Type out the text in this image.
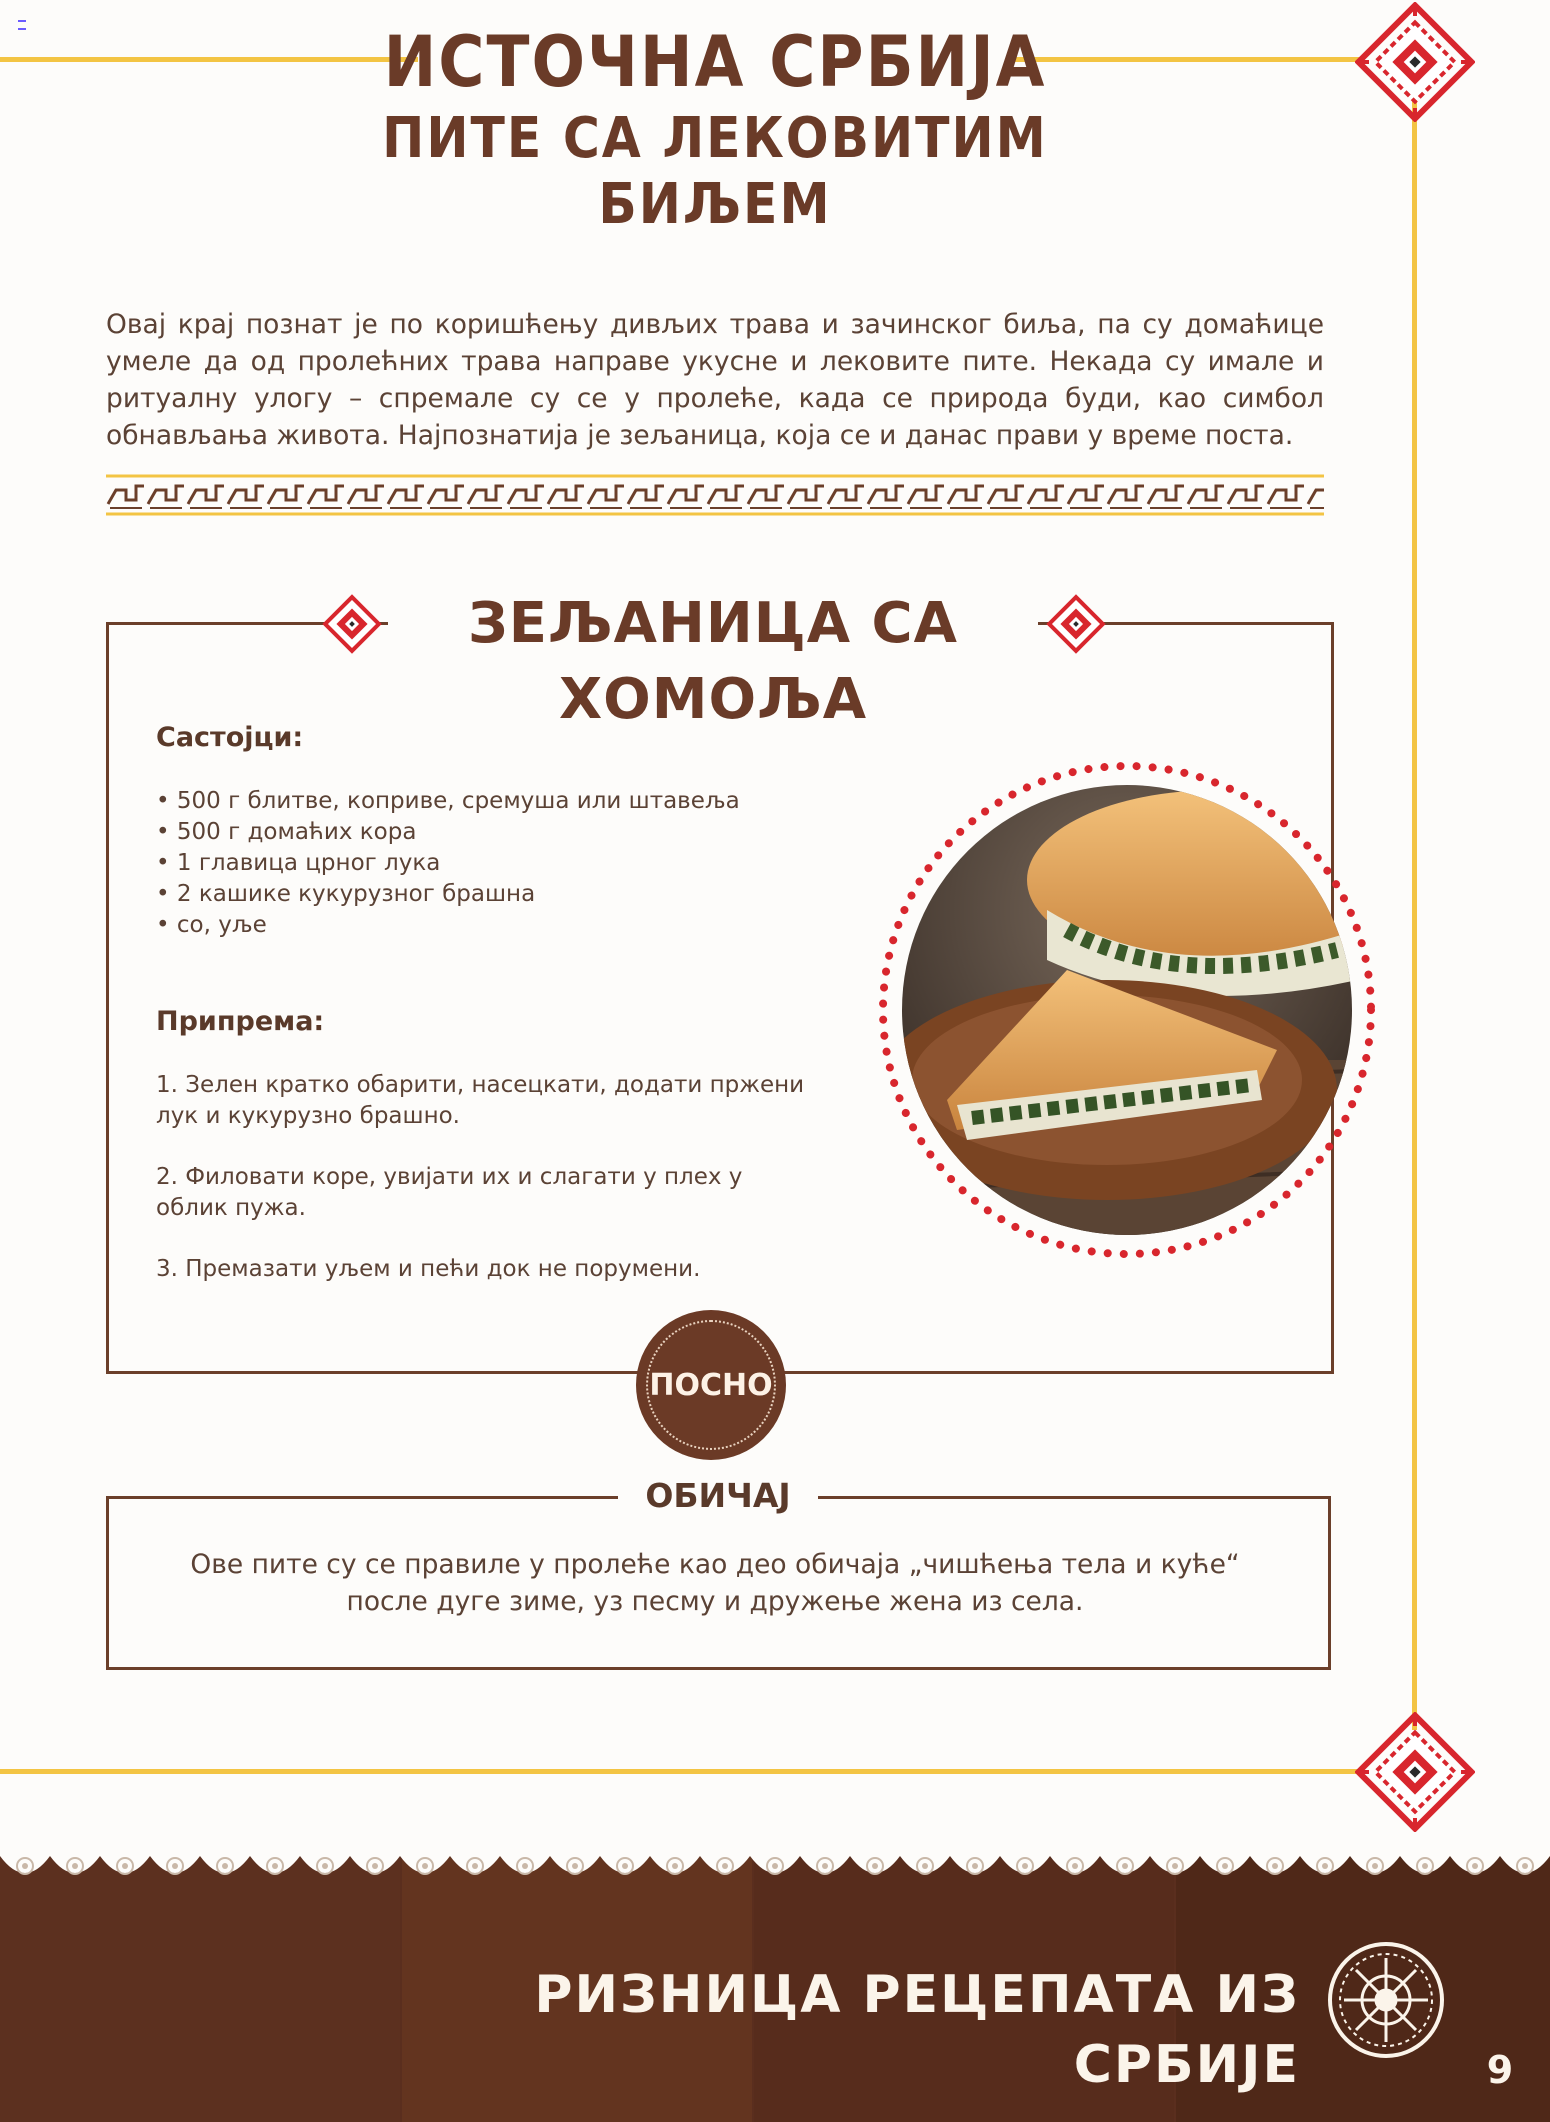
ИСТОЧНА СРБИЈА
ПИТЕ СА ЛЕКОВИТИМ БИЉЕМ
Овај крај познат је по коришћењу дивљих трава и зачинског биља, па су домаћице умеле да од пролећних трава направе укусне и лековите пите. Некада су имале и ритуалну улогу – спремале су се у пролеће, када се природа буди, као симбол обнављања живота. Најпознатија је зељаница, која се и данас прави у време поста.
ЗЕЉАНИЦА СА ХОМОЉА
Састојци:
• 500 г блитве, коприве, сремуша или штавеља
• 500 г домаћих кора
• 1 главица црног лука
• 2 кашике кукурузног брашна
• со, уље
Припрема:
1. Зелен кратко обарити, насецкати, додати пржени лук и кукурузно брашно.
2. Филовати коре, увијати их и слагати у плех у облик пужа.
3. Премазати уљем и пећи док не порумени.
ПОСНО
ОБИЧАЈ
Ове пите су се правиле у пролеће као део обичаја „чишћења тела и куће“ после дуге зиме, уз песму и дружење жена из села.
РИЗНИЦА РЕЦЕПАТА ИЗ СРБИЈЕ	9
